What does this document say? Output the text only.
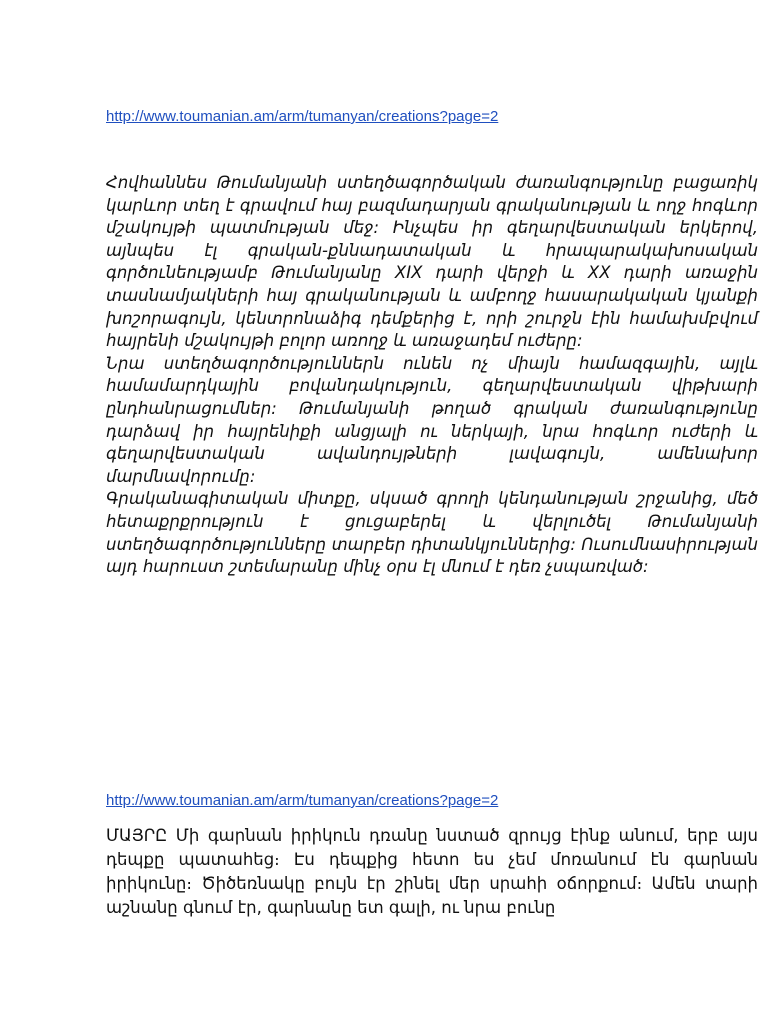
http://www.toumanian.am/arm/tumanyan/creations?page=2

Հովհաննես Թումանյանի ստեղծագործական ժառանգությունը բացառիկ կարևոր տեղ է գրավում հայ բազմադարյան գրականության և ողջ հոգևոր մշակույթի պատմության մեջ: Ինչպես իր գեղարվեստական երկերով, այնպես էլ գրական-քննադատական և հրապարակախոսական գործունեությամբ Թումանյանը XIX դարի վերջի և XX դարի առաջին տասնամյակների հայ գրականության և ամբողջ հասարակական կյանքի խոշորագույն, կենտրոնաձիգ դեմքերից է, որի շուրջն էին համախմբվում հայրենի մշակույթի բոլոր առողջ և առաջադեմ ուժերը:

Նրա ստեղծագործություններն ունեն ոչ միայն համազգային, այլև համամարդկային բովանդակություն, գեղարվեստական վիթխարի ընդհանրացումներ: Թումանյանի թողած գրական ժառանգությունը դարձավ իր հայրենիքի անցյալի ու ներկայի, նրա հոգևոր ուժերի և գեղարվեստական ավանդույթների լավագույն, ամենախոր մարմնավորումը:

Գրականագիտական միտքը, սկսած գրողի կենդանության շրջանից, մեծ հետաքրքրություն է ցուցաբերել և վերլուծել Թումանյանի ստեղծագործությունները տարբեր դիտանկյուններից: Ուսումնասիրության այդ հարուստ շտեմարանը մինչ օրս էլ մնում է դեռ չսպառված:

http://www.toumanian.am/arm/tumanyan/creations?page=2

ՄԱՅՐԸ Մի գարնան իրիկուն դռանը նստած զրույց էինք անում, երբ այս դեպքը պատահեց։ Էս դեպքից հետո ես չեմ մոռանում էն գարնան իրիկունը։ Ծիծեռնակը բույն էր շինել մեր սրահի օճորքում։ Ամեն տարի աշնանը գնում էր, գարնանը ետ գալի, ու նրա բունը
